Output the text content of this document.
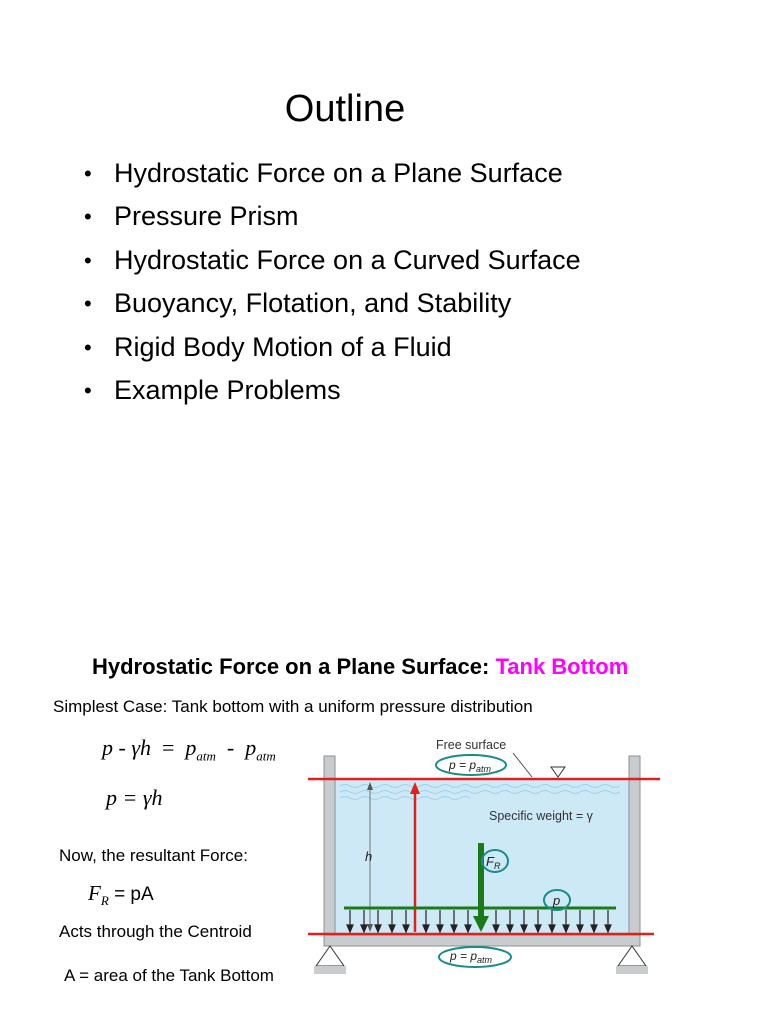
Outline
• Hydrostatic Force on a Plane Surface
• Pressure Prism
• Hydrostatic Force on a Curved Surface
• Buoyancy, Flotation, and Stability
• Rigid Body Motion of a Fluid
• Example Problems
Hydrostatic Force on a Plane Surface: Tank Bottom
Simplest Case: Tank bottom with a uniform pressure distribution
$p - \gamma h = p_{atm} - p_{atm}$
p = γh
Now, the resultant Force:
$F_R$ = pA
Acts through the Centroid
A = area of the Tank Bottom
h
Free surface
$p = p_{atm}$
Specific weight = γ
$F_R$
p
$p = p_{atm}$
